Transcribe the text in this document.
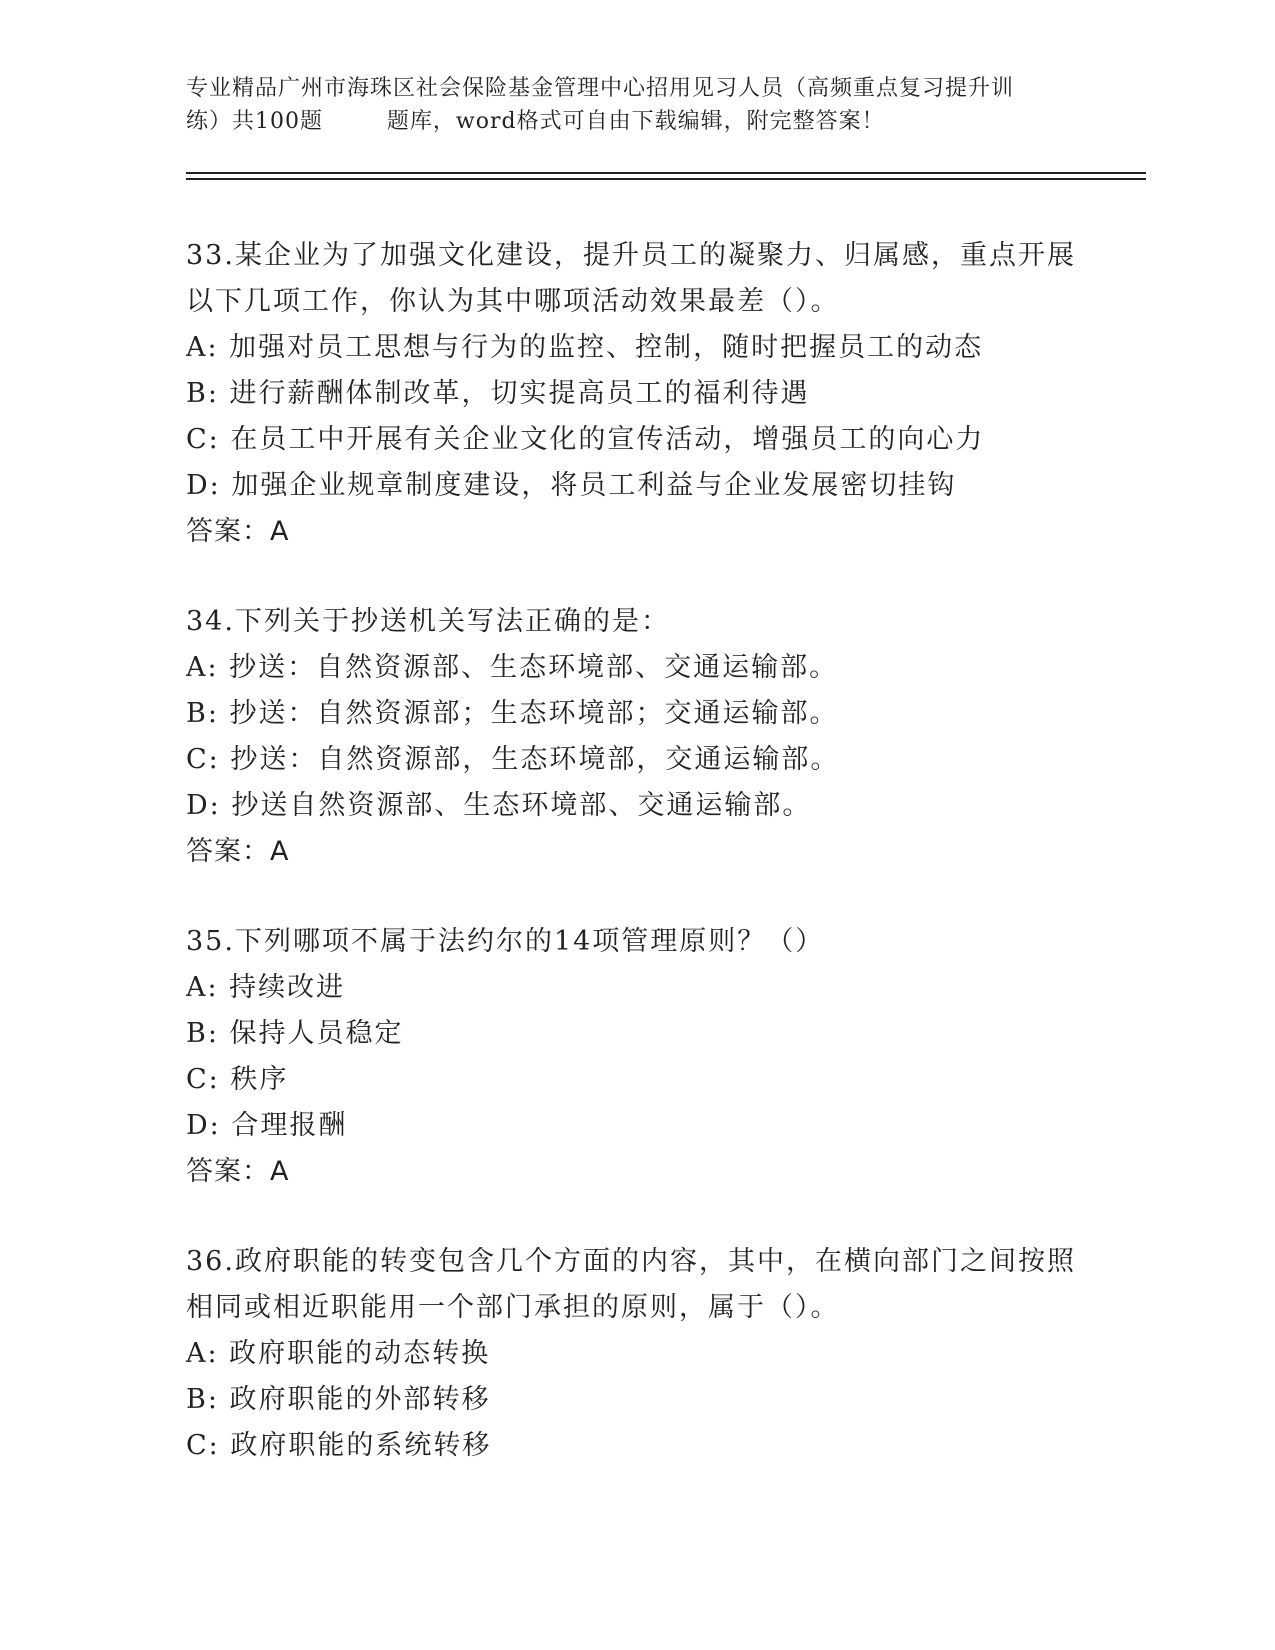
专业精品广州市海珠区社会保险基金管理中心招用见习人员（高频重点复习提升训
练）共100题        题库，word格式可自由下载编辑，附完整答案！
33.某企业为了加强文化建设，提升员工的凝聚力、归属感，重点开展以下几项工作，你认为其中哪项活动效果最差（）。
A: 加强对员工思想与行为的监控、控制，随时把握员工的动态
B: 进行薪酬体制改革，切实提高员工的福利待遇
C: 在员工中开展有关企业文化的宣传活动，增强员工的向心力
D: 加强企业规章制度建设，将员工利益与企业发展密切挂钩
答案：A
34.下列关于抄送机关写法正确的是：
A: 抄送：自然资源部、生态环境部、交通运输部。
B: 抄送：自然资源部；生态环境部；交通运输部。
C: 抄送：自然资源部，生态环境部，交通运输部。
D: 抄送自然资源部、生态环境部、交通运输部。
答案：A
35.下列哪项不属于法约尔的14项管理原则？（）
A: 持续改进
B: 保持人员稳定
C: 秩序
D: 合理报酬
答案：A
36.政府职能的转变包含几个方面的内容，其中，在横向部门之间按照相同或相近职能用一个部门承担的原则，属于（）。
A: 政府职能的动态转换
B: 政府职能的外部转移
C: 政府职能的系统转移
